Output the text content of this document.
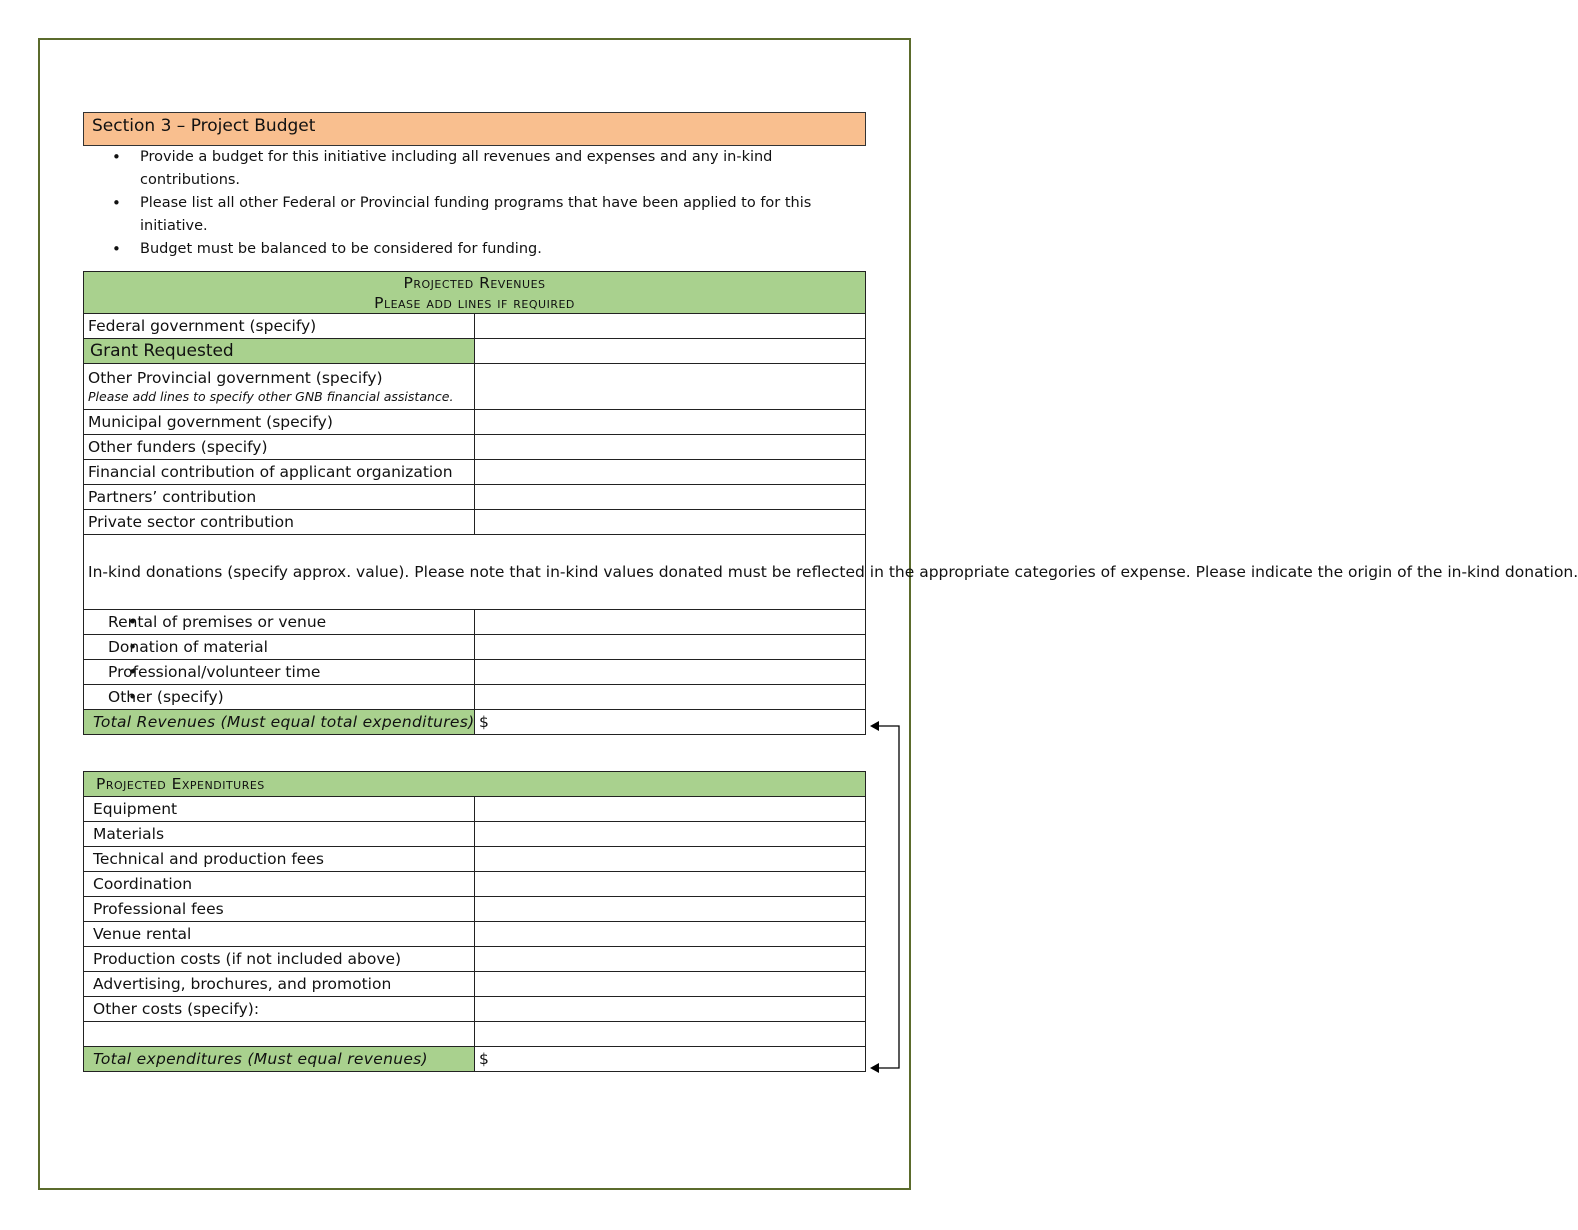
Section 3 – Project Budget
• Provide a budget for this initiative including all revenues and expenses and any in-kind contributions.
• Please list all other Federal or Provincial funding programs that have been applied to for this initiative.
• Budget must be balanced to be considered for funding.
Projected Revenues
Please add lines if required	
Federal government (specify)	
Grant Requested	
Other Provincial government (specify)
Please add lines to specify other GNB financial assistance.	

Municipal government (specify)	
Other funders (specify)	
Financial contribution of applicant organization	
Partners’ contribution	
Private sector contribution	
In-kind donations (specify approx. value). Please note that in-kind values donated must be reflected in the appropriate categories of expense. Please indicate the origin of the in-kind donation.	
• Rental of premises or venue	
• Donation of material	
• Professional/volunteer time	
• Other (specify)	
Total Revenues (Must equal total expenditures)	$
Projected Expenditures	
Equipment	
Materials	
Technical and production fees	
Coordination	
Professional fees	
Venue rental	
Production costs (if not included above)	
Advertising, brochures, and promotion	
Other costs (specify):	

Total expenditures (Must equal revenues)	$
